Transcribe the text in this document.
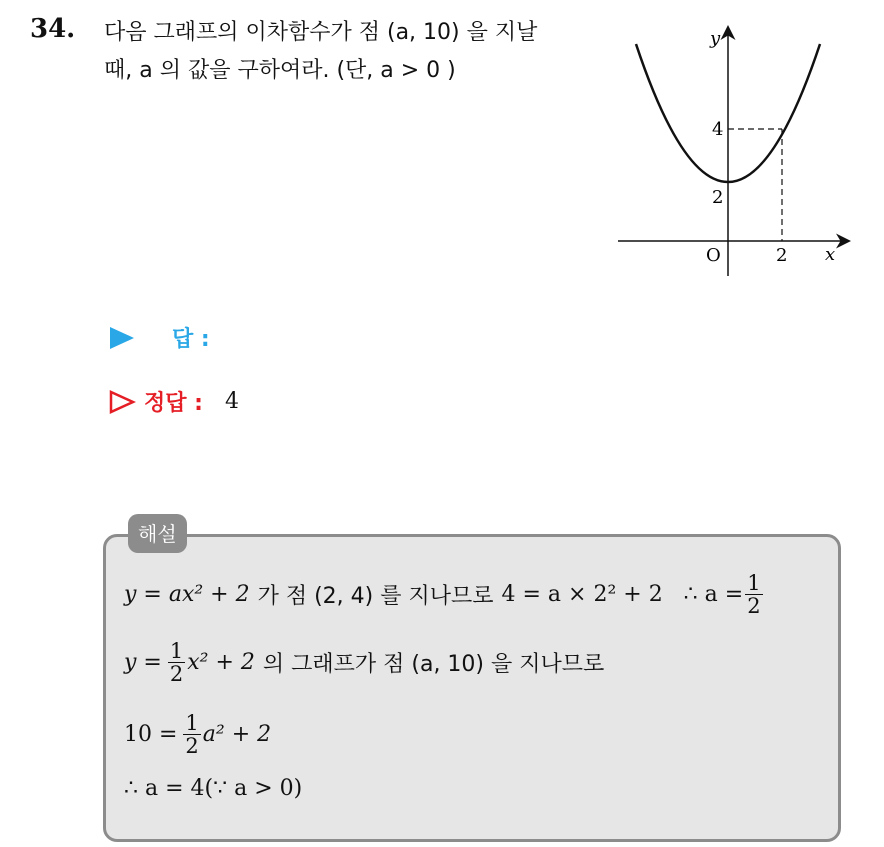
34. 다음 그래프의 이차함수가 점 (a, 10) 을 지날
때, a 의 값을 구하여라. (단, a > 0 )
y
x
O	2
4
2
답 :
정답 : 4
해설
y = ax² + 2 가 점 (2, 4) 를 지나므로 4 = a × 2² + 2   ∴ $a = \frac{1}{2}$
$y = \frac{1}{2} x^2 + 2$ 의 그래프가 점 (a, 10) 을 지나므로
$10 = \frac{1}{2} a^2 + 2$
∴ a = 4(∵ a > 0)
